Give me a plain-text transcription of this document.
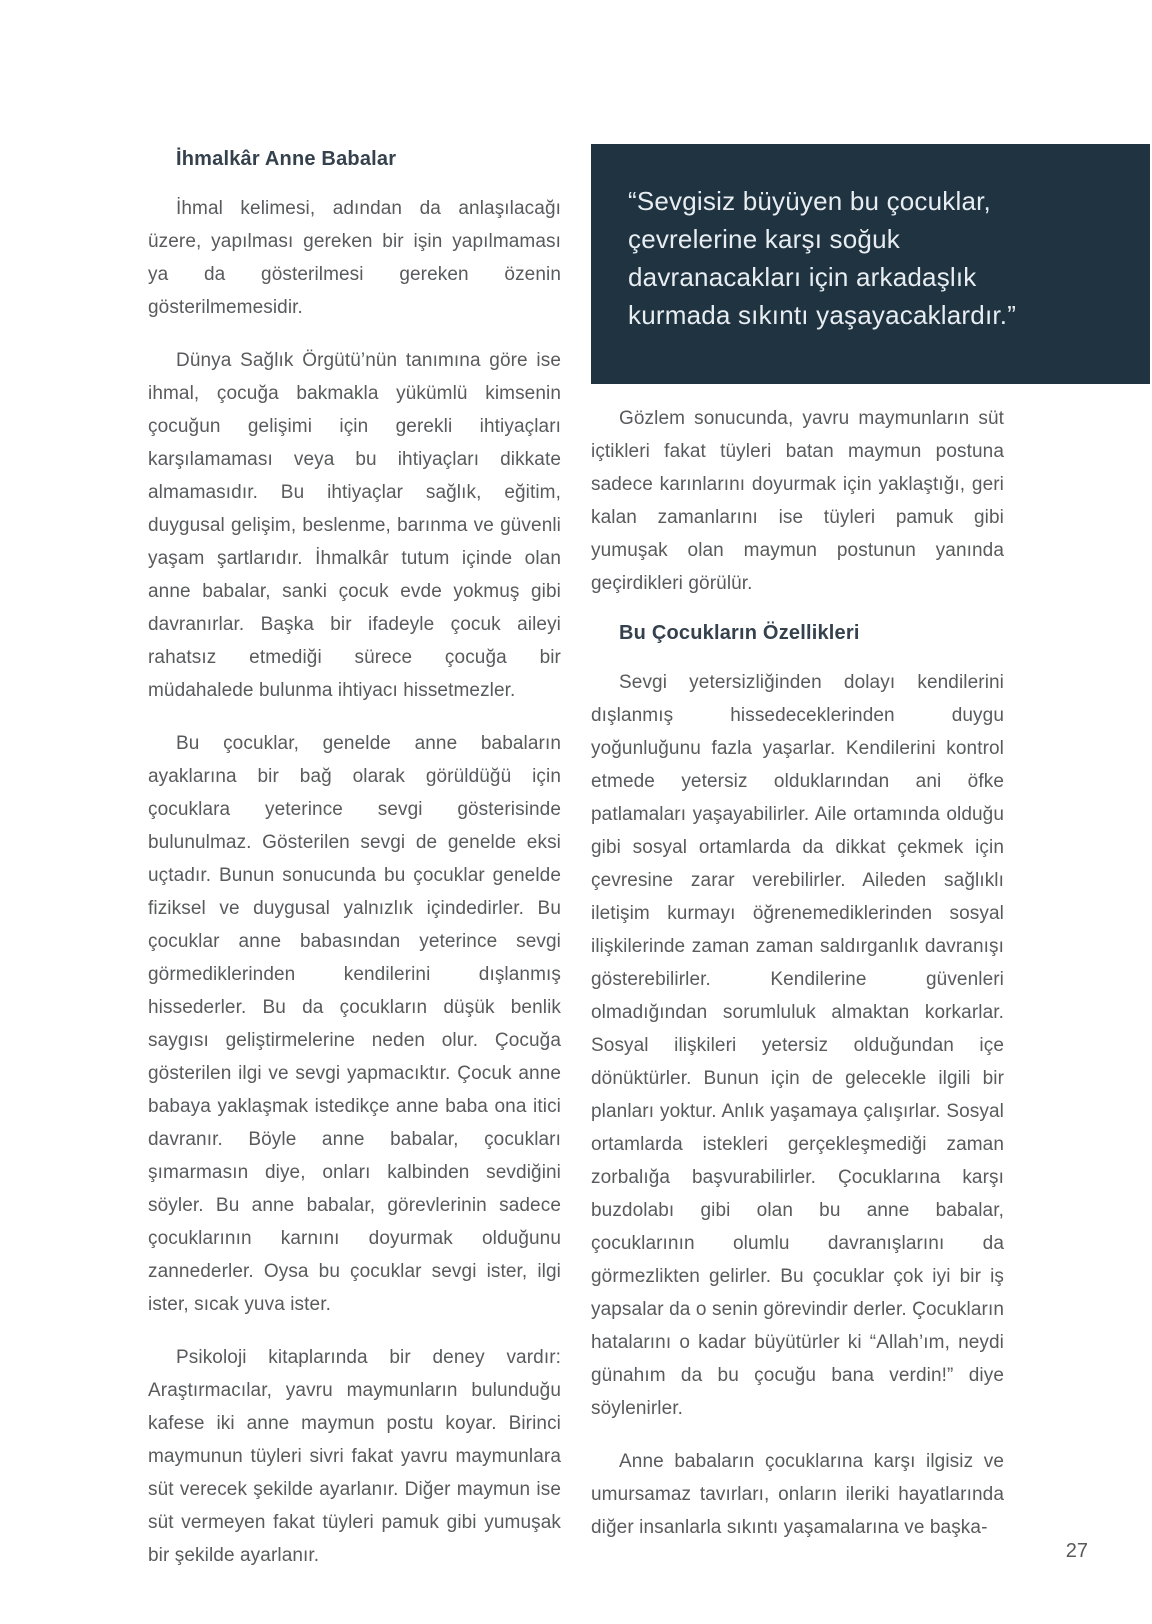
İhmalkâr Anne Babalar

İhmal kelimesi, adından da anlaşılacağı üzere, yapılması gereken bir işin yapılmaması ya da gösterilmesi gereken özenin gösterilmemesidir.

Dünya Sağlık Örgütü’nün tanımına göre ise ihmal, çocuğa bakmakla yükümlü kimsenin çocuğun gelişimi için gerekli ihtiyaçları karşılamaması veya bu ihtiyaçları dikkate almamasıdır. Bu ihtiyaçlar sağlık, eğitim, duygusal gelişim, beslenme, barınma ve güvenli yaşam şartlarıdır. İhmalkâr tutum içinde olan anne babalar, sanki çocuk evde yokmuş gibi davranırlar. Başka bir ifadeyle çocuk aileyi rahatsız etmediği sürece çocuğa bir müdahalede bulunma ihtiyacı hissetmezler.

Bu çocuklar, genelde anne babaların ayaklarına bir bağ olarak görüldüğü için çocuklara yeterince sevgi gösterisinde bulunulmaz. Gösterilen sevgi de genelde eksi uçtadır. Bunun sonucunda bu çocuklar genelde fiziksel ve duygusal yalnızlık içindedirler. Bu çocuklar anne babasından yeterince sevgi görmediklerinden kendilerini dışlanmış hissederler. Bu da çocukların düşük benlik saygısı geliştirmelerine neden olur. Çocuğa gösterilen ilgi ve sevgi yapmacıktır. Çocuk anne babaya yaklaşmak istedikçe anne baba ona itici davranır. Böyle anne babalar, çocukları şımarmasın diye, onları kalbinden sevdiğini söyler. Bu anne babalar, görevlerinin sadece çocuklarının karnını doyurmak olduğunu zannederler. Oysa bu çocuklar sevgi ister, ilgi ister, sıcak yuva ister.

Psikoloji kitaplarında bir deney vardır: Araştırmacılar, yavru maymunların bulunduğu kafese iki anne maymun postu koyar. Birinci maymunun tüyleri sivri fakat yavru maymunlara süt verecek şekilde ayarlanır. Diğer maymun ise süt vermeyen fakat tüyleri pamuk gibi yumuşak bir şekilde ayarlanır.

“Sevgisiz büyüyen bu çocuklar, çevrelerine karşı soğuk davranacakları için arkadaşlık kurmada sıkıntı yaşayacaklardır.”

Gözlem sonucunda, yavru maymunların süt içtikleri fakat tüyleri batan maymun postuna sadece karınlarını doyurmak için yaklaştığı, geri kalan zamanlarını ise tüyleri pamuk gibi yumuşak olan maymun postunun yanında geçirdikleri görülür.

Bu Çocukların Özellikleri

Sevgi yetersizliğinden dolayı kendilerini dışlanmış hissedeceklerinden duygu yoğunluğunu fazla yaşarlar. Kendilerini kontrol etmede yetersiz olduklarından ani öfke patlamaları yaşayabilirler. Aile ortamında olduğu gibi sosyal ortamlarda da dikkat çekmek için çevresine zarar verebilirler. Aileden sağlıklı iletişim kurmayı öğrenemediklerinden sosyal ilişkilerinde zaman zaman saldırganlık davranışı gösterebilirler. Kendilerine güvenleri olmadığından sorumluluk almaktan korkarlar. Sosyal ilişkileri yetersiz olduğundan içe dönüktürler. Bunun için de gelecekle ilgili bir planları yoktur. Anlık yaşamaya çalışırlar. Sosyal ortamlarda istekleri gerçekleşmediği zaman zorbalığa başvurabilirler. Çocuklarına karşı buzdolabı gibi olan bu anne babalar, çocuklarının olumlu davranışlarını da görmezlikten gelirler. Bu çocuklar çok iyi bir iş yapsalar da o senin görevindir derler. Çocukların hatalarını o kadar büyütürler ki “Allah’ım, neydi günahım da bu çocuğu bana verdin!” diye söylenirler.

Anne babaların çocuklarına karşı ilgisiz ve umursamaz tavırları, onların ileriki hayatlarında diğer insanlarla sıkıntı yaşamalarına ve başka-

27
